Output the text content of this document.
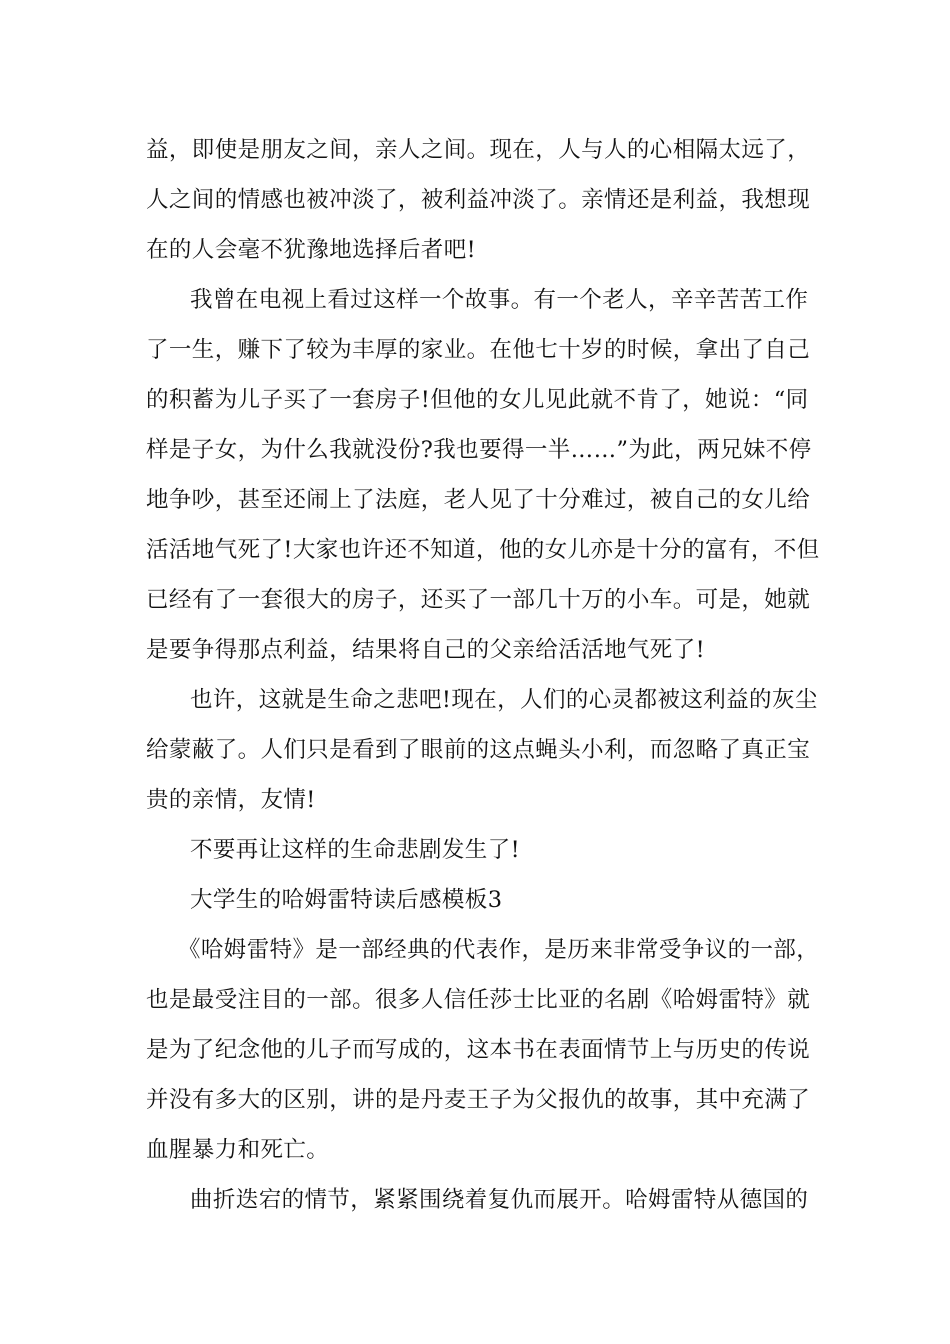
益，即使是朋友之间，亲人之间。现在，人与人的心相隔太远了，
人之间的情感也被冲淡了，被利益冲淡了。亲情还是利益，我想现
在的人会毫不犹豫地选择后者吧!
我曾在电视上看过这样一个故事。有一个老人，辛辛苦苦工作
了一生，赚下了较为丰厚的家业。在他七十岁的时候，拿出了自己
的积蓄为儿子买了一套房子!但他的女儿见此就不肯了，她说：“同
样是子女，为什么我就没份?我也要得一半……”为此，两兄妹不停
地争吵，甚至还闹上了法庭，老人见了十分难过，被自己的女儿给
活活地气死了!大家也许还不知道，他的女儿亦是十分的富有，不但
已经有了一套很大的房子，还买了一部几十万的小车。可是，她就
是要争得那点利益，结果将自己的父亲给活活地气死了!
也许，这就是生命之悲吧!现在，人们的心灵都被这利益的灰尘
给蒙蔽了。人们只是看到了眼前的这点蝇头小利，而忽略了真正宝
贵的亲情，友情!
不要再让这样的生命悲剧发生了!
大学生的哈姆雷特读后感模板3
《哈姆雷特》是一部经典的代表作，是历来非常受争议的一部，
也是最受注目的一部。很多人信任莎士比亚的名剧《哈姆雷特》就
是为了纪念他的儿子而写成的，这本书在表面情节上与历史的传说
并没有多大的区别，讲的是丹麦王子为父报仇的故事，其中充满了
血腥暴力和死亡。
曲折迭宕的情节，紧紧围绕着复仇而展开。哈姆雷特从德国的
